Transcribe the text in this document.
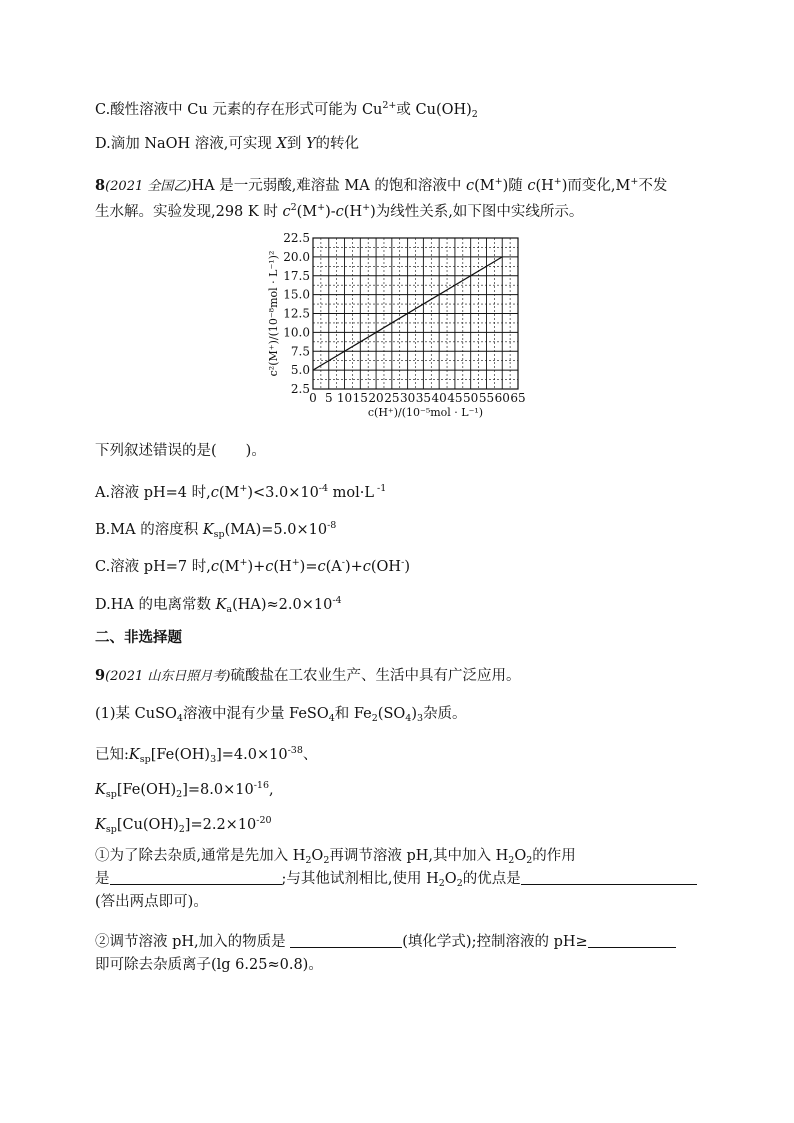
C.酸性溶液中 Cu 元素的存在形式可能为 $Cu^{2+}$或 $Cu(OH)_2$
D.滴加 NaOH 溶液,可实现 X到 Y的转化
8(2021 全国乙)HA 是一元弱酸,难溶盐 MA 的饱和溶液中 c(M+)随 c(H+)而变化,M+不发
生水解。实验发现,298 K 时 $c^2(M^+)-c(H^+)$为线性关系,如下图中实线所示。
0 5 10 15 20 25 30 35 40 45 50 55 60 65
2.5
5.0
7.5
10.0
12.5
15.0
17.5
20.0
22.5
c(H⁺)/(10⁻⁵mol · L⁻¹)
c²(M⁺)/(10⁻⁸mol · L⁻¹)²
下列叙述错误的是(　　)。
A.溶液 pH=4 时$,c(M^+)<3.0\times 10^{-4}$ mol·L $^{-1}$
B.MA 的溶度积 $K_{sp}(MA)=5.0\times 10^{-8}$
C.溶液 pH=7 时,c(M+)+c(H+)=c(A-)+c(OH-)
D.HA 的电离常数 $K_a(HA)\approx 2.0\times 10^{-4}$
二、非选择题
9(2021 山东日照月考)硫酸盐在工农业生产、生活中具有广泛应用。
(1)某 CuSO$_4$溶液中混有少量 FeSO$_4$和 $Fe_2(SO_4)_3$杂质。
已知$:K_{sp}[Fe(OH)_3]=4.0\times 10^{-38}$、
$K_{sp}[Fe(OH)_2]=8.0\times 10^{-16}$,
$K_{sp}[Cu(OH)_2]=2.2\times 10^{-20}$
①为了除去杂质,通常是先加入 $H_2O_2$再调节溶液 pH,其中加入 $H_2O_2$的作用
是	;与其他试剂相比,使用 $H_2O_2$的优点是
(答出两点即可)。
②调节溶液 pH,加入的物质是	(填化学式);控制溶液的 pH≥
即可除去杂质离子(lg 6.25≈0.8)。
